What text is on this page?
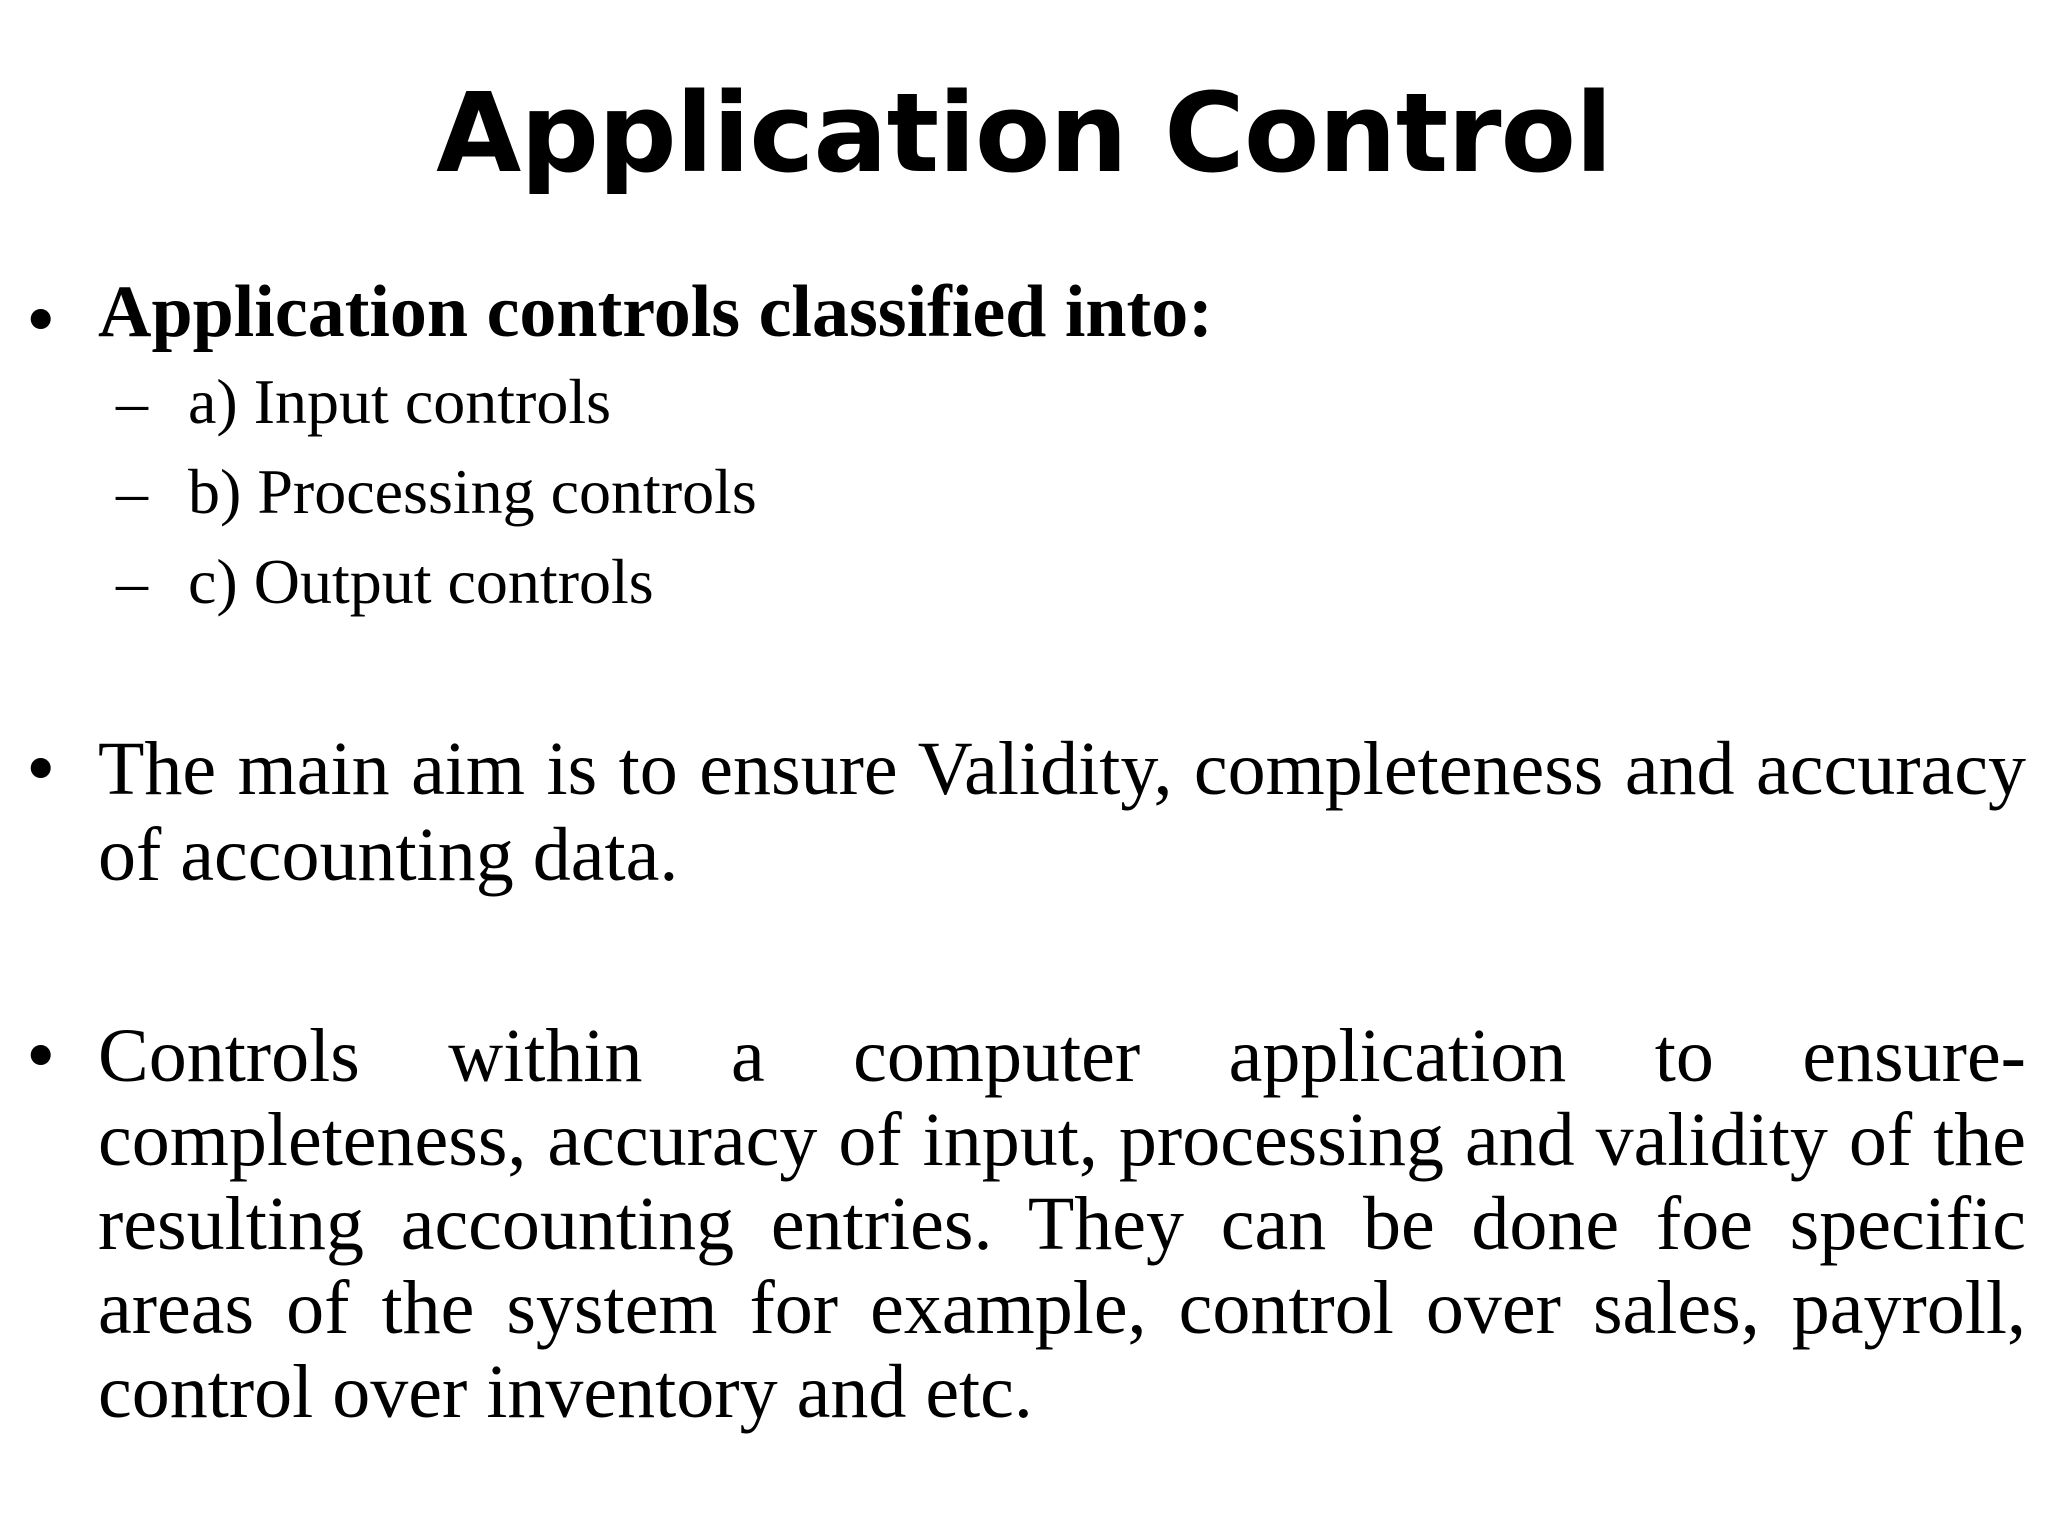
Application Control
• Application controls classified into:
– a) Input controls
– b) Processing controls
– c) Output controls
• The main aim is to ensure Validity, completeness and accuracy of accounting data.
• Controls within a computer application to ensure- completeness, accuracy of input, processing and validity of the resulting accounting entries. They can be done foe specific areas of the system for example, control over sales, payroll, control over inventory and etc.
